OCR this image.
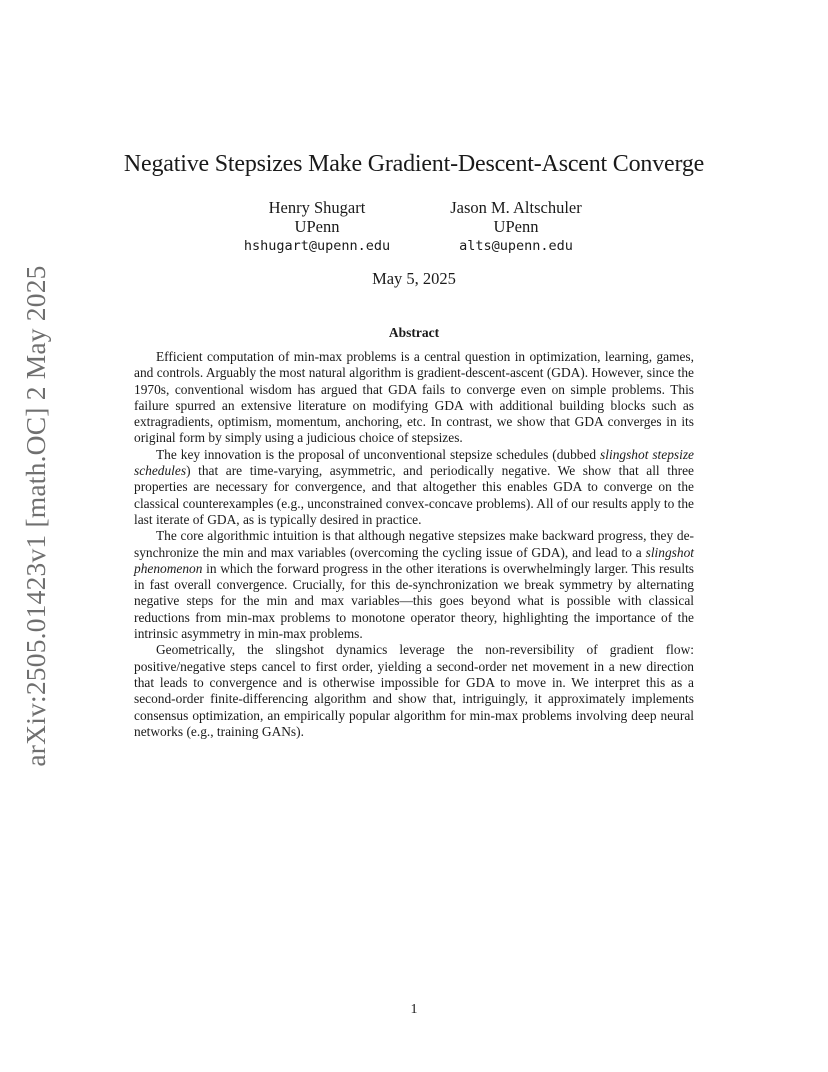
arXiv:2505.01423v1 [math.OC] 2 May 2025
Negative Stepsizes Make Gradient-Descent-Ascent Converge
Henry Shugart
UPenn
hshugart@upenn.edu
Jason M. Altschuler
UPenn
alts@upenn.edu
May 5, 2025
Abstract

Efficient computation of min-max problems is a central question in optimization, learning, games, and controls. Arguably the most natural algorithm is gradient-descent-ascent (GDA). However, since the 1970s, conventional wisdom has argued that GDA fails to converge even on simple problems. This failure spurred an extensive literature on modifying GDA with additional building blocks such as extragradients, optimism, momentum, anchoring, etc. In contrast, we show that GDA converges in its original form by simply using a judicious choice of stepsizes.

The key innovation is the proposal of unconventional stepsize schedules (dubbed slingshot stepsize schedules) that are time-varying, asymmetric, and periodically negative. We show that all three properties are necessary for convergence, and that altogether this enables GDA to converge on the classical counterexamples (e.g., unconstrained convex-concave problems). All of our results apply to the last iterate of GDA, as is typically desired in practice.

The core algorithmic intuition is that although negative stepsizes make backward progress, they de-synchronize the min and max variables (overcoming the cycling issue of GDA), and lead to a slingshot phenomenon in which the forward progress in the other iterations is overwhelmingly larger. This results in fast overall convergence. Crucially, for this de-synchronization we break symmetry by alternating negative steps for the min and max variables—this goes beyond what is possible with classical reductions from min-max problems to monotone operator theory, highlighting the importance of the intrinsic asymmetry in min-max problems.

Geometrically, the slingshot dynamics leverage the non-reversibility of gradient flow: positive/negative steps cancel to first order, yielding a second-order net movement in a new direction that leads to convergence and is otherwise impossible for GDA to move in. We interpret this as a second-order finite-differencing algorithm and show that, intriguingly, it approximately implements consensus optimization, an empirically popular algorithm for min-max problems involving deep neural networks (e.g., training GANs).

1
